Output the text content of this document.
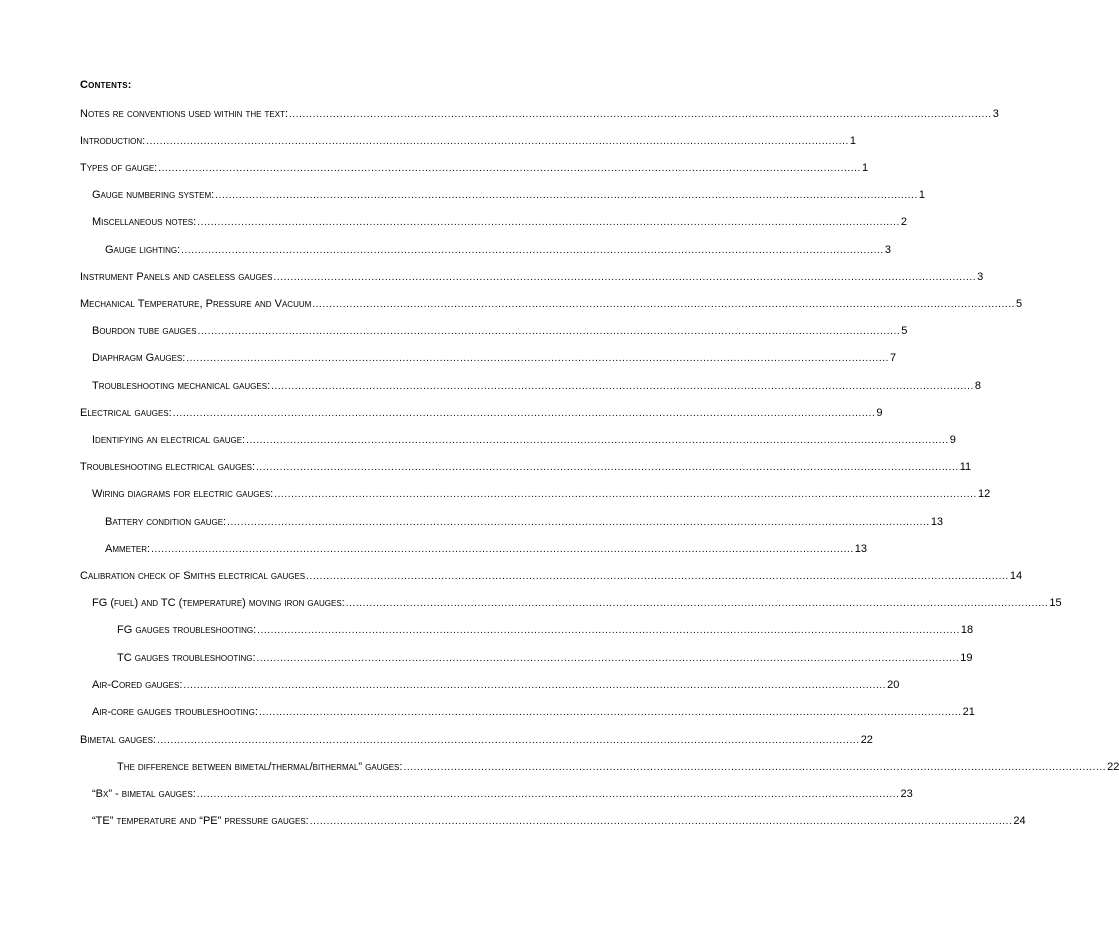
Contents:
Notes re conventions used within the text: ................................................................................................................................................................................................................ 3
Introduction: ................................................................................................................................................................................................................ 1
Types of gauge: ................................................................................................................................................................................................................ 1
Gauge numbering system: ................................................................................................................................................................................................................ 1
Miscellaneous notes: ................................................................................................................................................................................................................ 2
Gauge lighting: ................................................................................................................................................................................................................ 3
Instrument Panels and caseless gauges ................................................................................................................................................................................................................ 3
Mechanical Temperature, Pressure and Vacuum ................................................................................................................................................................................................................ 5
Bourdon tube gauges ................................................................................................................................................................................................................ 5
Diaphragm Gauges: ................................................................................................................................................................................................................ 7
Troubleshooting mechanical gauges: ................................................................................................................................................................................................................ 8
Electrical gauges: ................................................................................................................................................................................................................ 9
Identifying an electrical gauge: ................................................................................................................................................................................................................ 9
Troubleshooting electrical gauges: ................................................................................................................................................................................................................ 11
Wiring diagrams for electric gauges: ................................................................................................................................................................................................................ 12
Battery condition gauge: ................................................................................................................................................................................................................ 13
Ammeter: ................................................................................................................................................................................................................ 13
Calibration check of Smiths electrical gauges ................................................................................................................................................................................................................ 14
FG (fuel) and TC (temperature) moving iron gauges: ................................................................................................................................................................................................................ 15
FG gauges troubleshooting: ................................................................................................................................................................................................................ 18
TC gauges troubleshooting: ................................................................................................................................................................................................................ 19
Air-Cored gauges: ................................................................................................................................................................................................................ 20
Air-core gauges troubleshooting: ................................................................................................................................................................................................................ 21
Bimetal gauges: ................................................................................................................................................................................................................ 22
The difference between bimetal/thermal/bithermal” gauges: ................................................................................................................................................................................................................ 22
“Bx” - bimetal gauges: ................................................................................................................................................................................................................ 23
“TE” temperature and “PE” pressure gauges: ................................................................................................................................................................................................................ 24
